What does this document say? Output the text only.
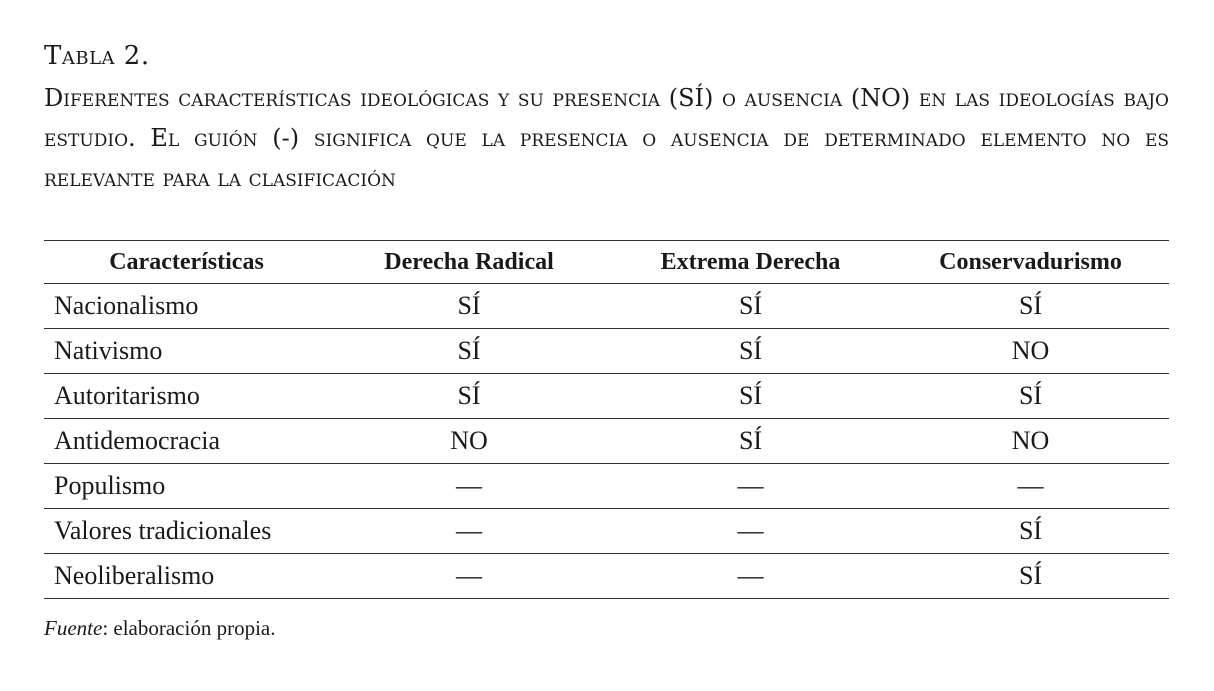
Tabla 2.

Diferentes características ideológicas y su presencia (SÍ) o ausencia (NO) en las ideologías bajo estudio. El guión (-) significa que la presencia o ausencia de determinado elemento no es relevante para la clasificación

Características	Derecha Radical	Extrema Derecha	Conservadurismo
Nacionalismo	SÍ	SÍ	SÍ
Nativismo	SÍ	SÍ	NO
Autoritarismo	SÍ	SÍ	SÍ
Antidemocracia	NO	SÍ	NO
Populismo	—	—	—
Valores tradicionales	—	—	SÍ
Neoliberalismo	—	—	SÍ
Fuente: elaboración propia.
